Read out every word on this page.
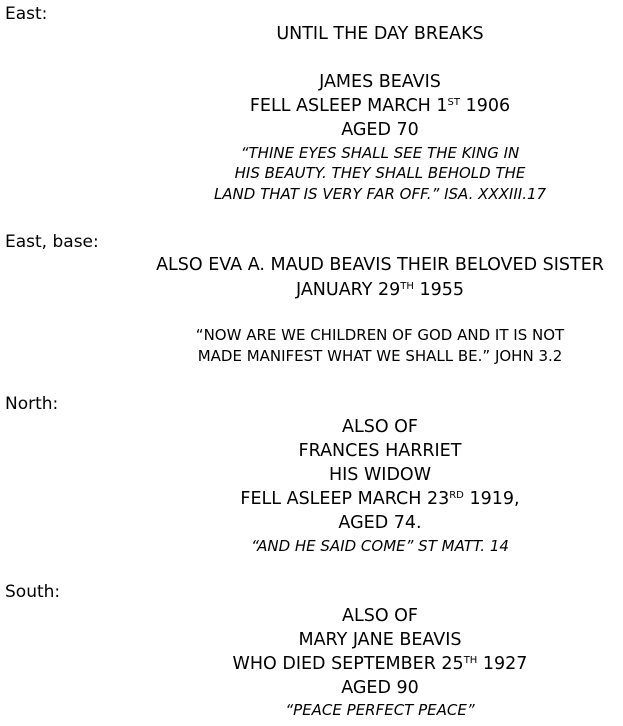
East:
UNTIL THE DAY BREAKS
JAMES BEAVIS
FELL ASLEEP MARCH 1ST 1906
AGED 70
“THINE EYES SHALL SEE THE KING IN
HIS BEAUTY. THEY SHALL BEHOLD THE
LAND THAT IS VERY FAR OFF.” ISA. XXXIII.17
East, base:
ALSO EVA A. MAUD BEAVIS THEIR BELOVED SISTER
JANUARY 29TH 1955
“NOW ARE WE CHILDREN OF GOD AND IT IS NOT
MADE MANIFEST WHAT WE SHALL BE.” JOHN 3.2
North:
ALSO OF
FRANCES HARRIET
HIS WIDOW
FELL ASLEEP MARCH 23RD 1919,
AGED 74.
“AND HE SAID COME” ST MATT. 14
South:
ALSO OF
MARY JANE BEAVIS
WHO DIED SEPTEMBER 25TH 1927
AGED 90
“PEACE PERFECT PEACE”
